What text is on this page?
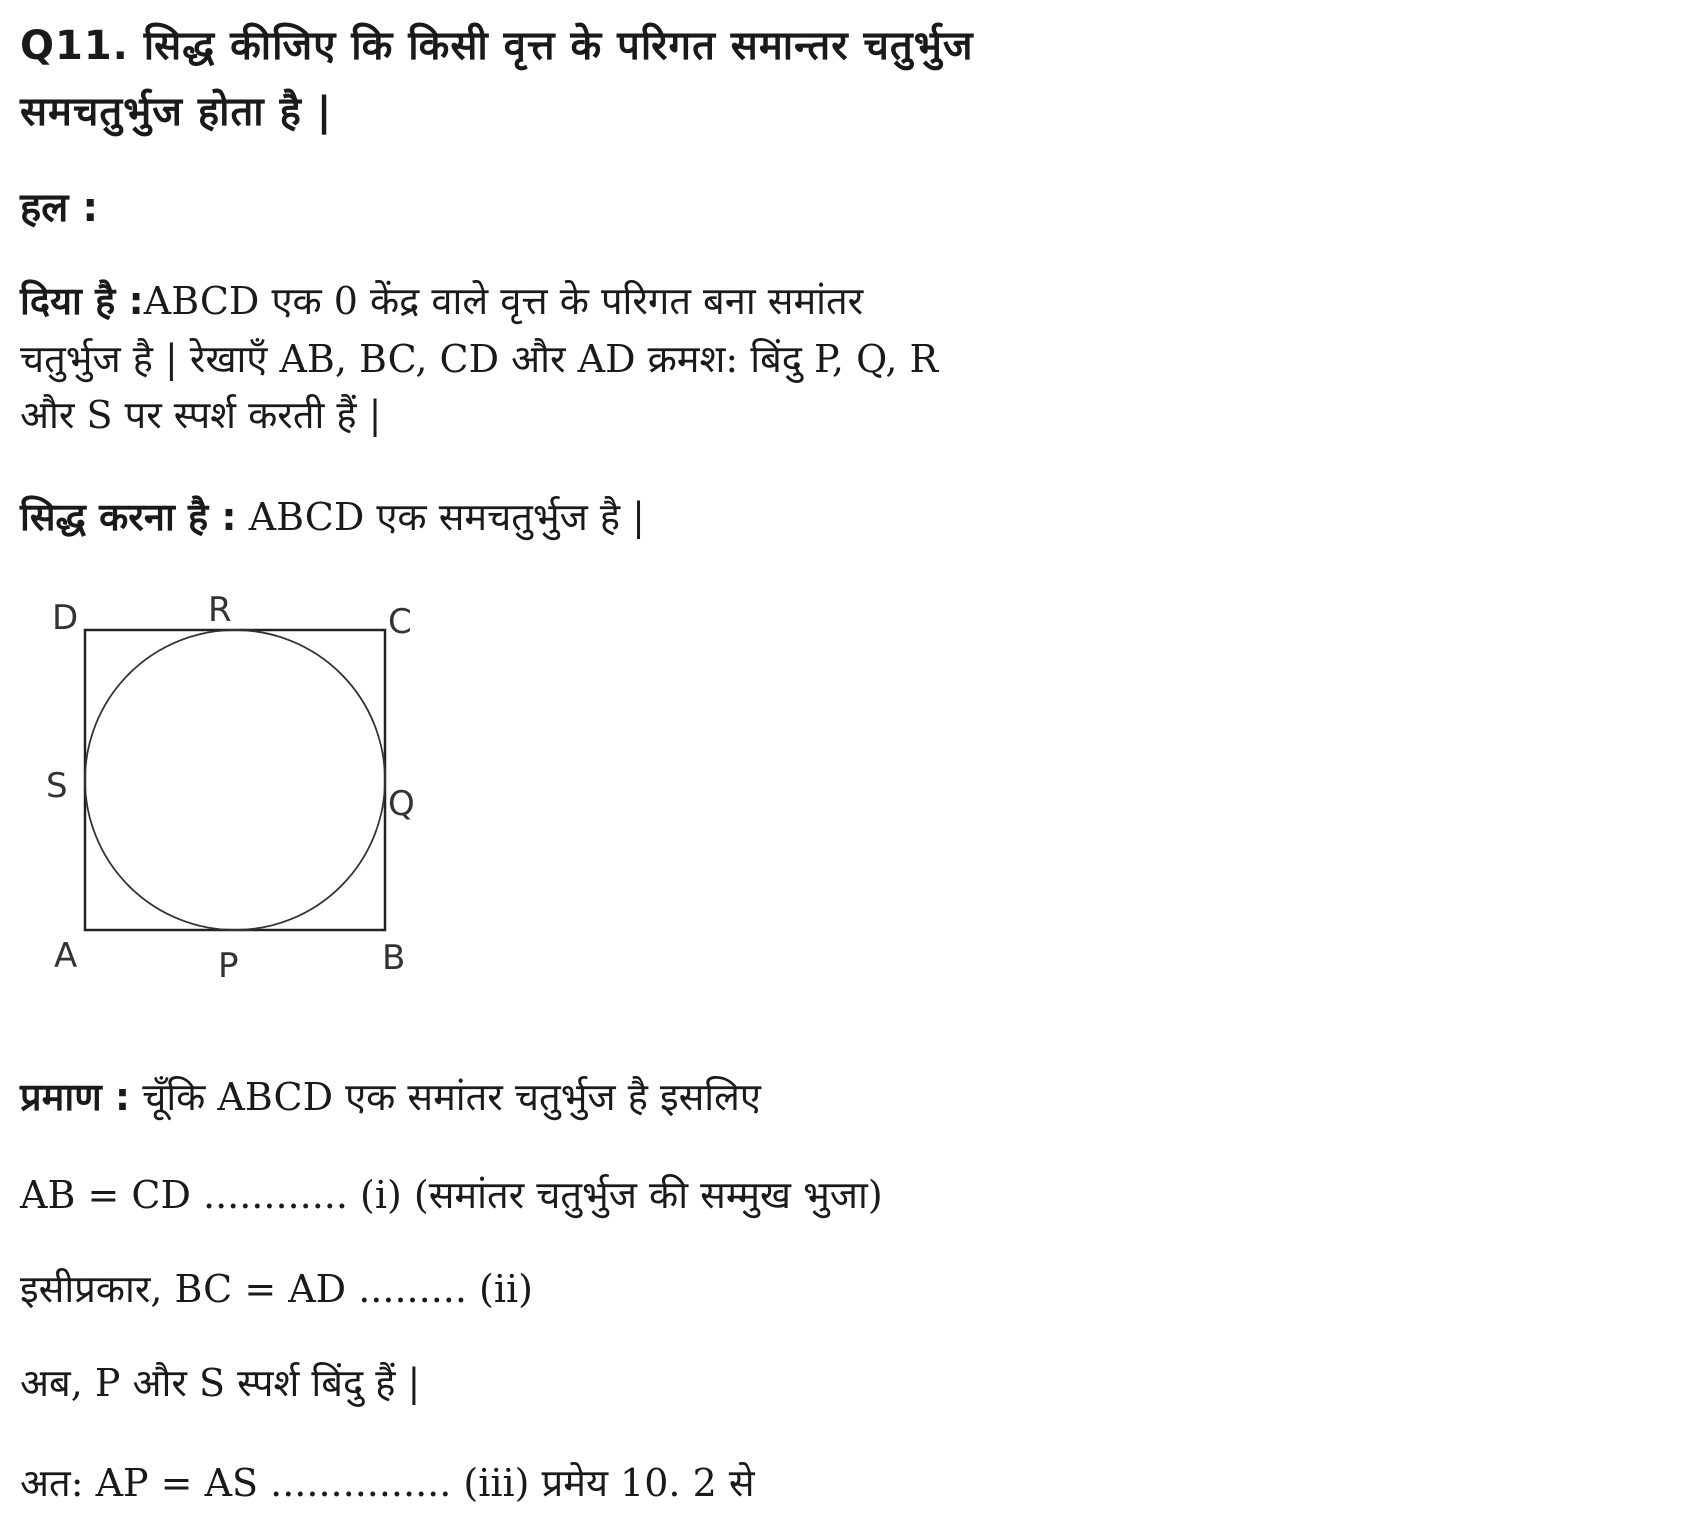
Q11. सिद्ध कीजिए कि किसी वृत्त के परिगत समान्तर चतुर्भुज
समचतुर्भुज होता है |
हल :
दिया है :ABCD एक 0 केंद्र वाले वृत्त के परिगत बना समांतर
चतुर्भुज है | रेखाएँ AB, BC, CD और AD क्रमश: बिंदु P, Q, R
और S पर स्पर्श करती हैं |
सिद्ध करना है : ABCD एक समचतुर्भुज है |
D	C
A	B
R
S	Q
P
प्रमाण : चूँकि ABCD एक समांतर चतुर्भुज है इसलिए
AB = CD ............ (i) (समांतर चतुर्भुज की सम्मुख भुजा)
इसीप्रकार, BC = AD ......... (ii)
अब, P और S स्पर्श बिंदु हैं |
अत: AP = AS ............... (iii) प्रमेय 10. 2 से
